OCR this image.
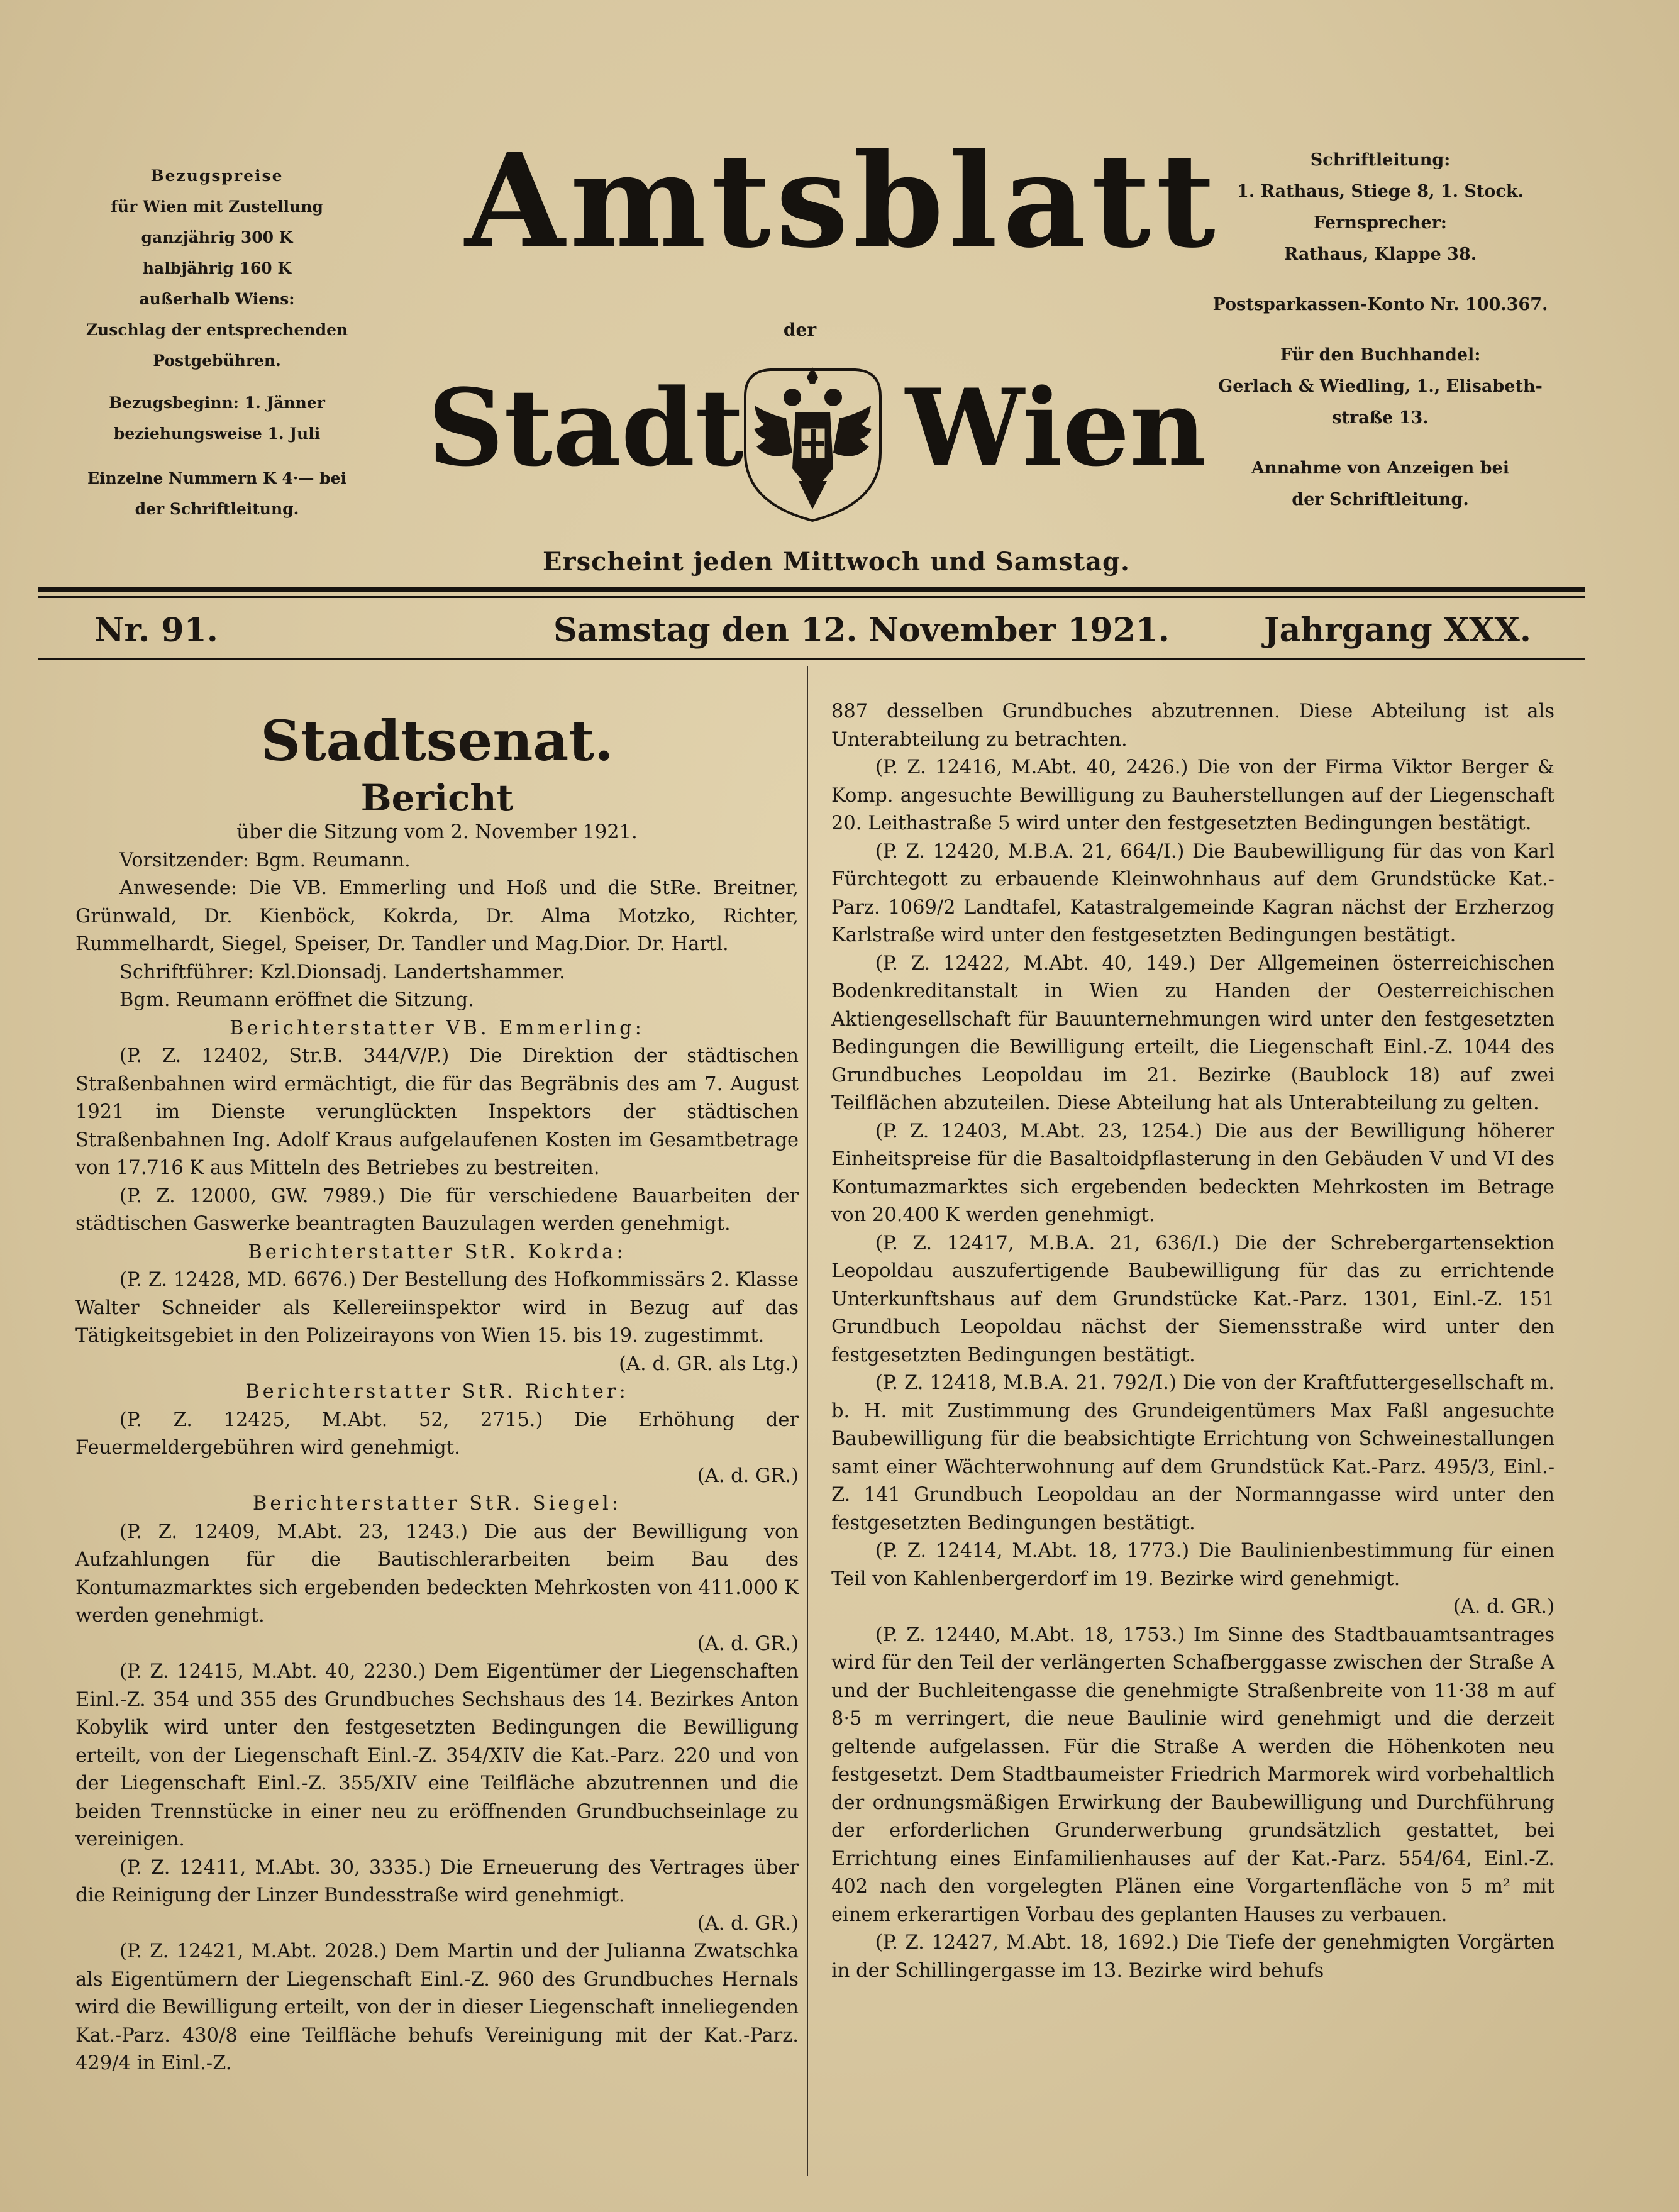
Bezugspreise
für Wien mit Zustellung
ganzjährig 300 K
halbjährig 160 K
außerhalb Wiens:
Zuschlag der entsprechenden
Postgebühren.
Bezugsbeginn: 1. Jänner
beziehungsweise 1. Juli
Einzelne Nummern K 4·— bei
der Schriftleitung.
Amtsblatt
der
Stadt Wien
Erscheint jeden Mittwoch und Samstag.
Schriftleitung:
1. Rathaus, Stiege 8, 1. Stock.
Fernsprecher:
Rathaus, Klappe 38.
Postsparkassen-Konto Nr. 100.367.
Für den Buchhandel:
Gerlach & Wiedling, 1., Elisabeth-
straße 13.
Annahme von Anzeigen bei
der Schriftleitung.
Nr. 91.	Samstag den 12. November 1921.	Jahrgang XXX.
Stadtsenat.
Bericht

über die Sitzung vom 2. November 1921.

Vorsitzender: Bgm. Reumann.

Anwesende: Die VB. Emmerling und Hoß und die StRe. Breitner, Grünwald, Dr. Kienböck, Kokrda, Dr. Alma Motzko, Richter, Rummelhardt, Siegel, Speiser, Dr. Tandler und Mag.Dior. Dr. Hartl.

Schriftführer: Kzl.Dionsadj. Landertshammer.

Bgm. Reumann eröffnet die Sitzung.

Berichterstatter VB. Emmerling:

(P. Z. 12402, Str.B. 344/V/P.) Die Direktion der städtischen Straßenbahnen wird ermächtigt, die für das Begräbnis des am 7. August 1921 im Dienste verunglückten Inspektors der städtischen Straßenbahnen Ing. Adolf Kraus aufgelaufenen Kosten im Gesamtbetrage von 17.716 K aus Mitteln des Betriebes zu bestreiten.

(P. Z. 12000, GW. 7989.) Die für verschiedene Bauarbeiten der städtischen Gaswerke beantragten Bauzulagen werden genehmigt.

Berichterstatter StR. Kokrda:

(P. Z. 12428, MD. 6676.) Der Bestellung des Hofkommissärs 2. Klasse Walter Schneider als Kellereiinspektor wird in Bezug auf das Tätigkeitsgebiet in den Polizeirayons von Wien 15. bis 19. zugestimmt.

(A. d. GR. als Ltg.)

Berichterstatter StR. Richter:

(P. Z. 12425, M.Abt. 52, 2715.) Die Erhöhung der Feuermeldergebühren wird genehmigt.

(A. d. GR.)

Berichterstatter StR. Siegel:

(P. Z. 12409, M.Abt. 23, 1243.) Die aus der Bewilligung von Aufzahlungen für die Bautischlerarbeiten beim Bau des Kontumazmarktes sich ergebenden bedeckten Mehrkosten von 411.000 K werden genehmigt.

(A. d. GR.)

(P. Z. 12415, M.Abt. 40, 2230.) Dem Eigentümer der Liegenschaften Einl.-Z. 354 und 355 des Grundbuches Sechshaus des 14. Bezirkes Anton Kobylik wird unter den festgesetzten Bedingungen die Bewilligung erteilt, von der Liegenschaft Einl.-Z. 354/XIV die Kat.-Parz. 220 und von der Liegenschaft Einl.-Z. 355/XIV eine Teilfläche abzutrennen und die beiden Trennstücke in einer neu zu eröffnenden Grundbuchseinlage zu vereinigen.

(P. Z. 12411, M.Abt. 30, 3335.) Die Erneuerung des Vertrages über die Reinigung der Linzer Bundesstraße wird genehmigt.

(A. d. GR.)

(P. Z. 12421, M.Abt. 2028.) Dem Martin und der Julianna Zwatschka als Eigentümern der Liegenschaft Einl.-Z. 960 des Grundbuches Hernals wird die Bewilligung erteilt, von der in dieser Liegenschaft inneliegenden Kat.-Parz. 430/8 eine Teilfläche behufs Vereinigung mit der Kat.-Parz. 429/4 in Einl.-Z.

887 desselben Grundbuches abzutrennen. Diese Abteilung ist als Unterabteilung zu betrachten.

(P. Z. 12416, M.Abt. 40, 2426.) Die von der Firma Viktor Berger & Komp. angesuchte Bewilligung zu Bauherstellungen auf der Liegenschaft 20. Leithastraße 5 wird unter den festgesetzten Bedingungen bestätigt.

(P. Z. 12420, M.B.A. 21, 664/I.) Die Baubewilligung für das von Karl Fürchtegott zu erbauende Kleinwohnhaus auf dem Grundstücke Kat.-Parz. 1069/2 Landtafel, Katastralgemeinde Kagran nächst der Erzherzog Karlstraße wird unter den festgesetzten Bedingungen bestätigt.

(P. Z. 12422, M.Abt. 40, 149.) Der Allgemeinen österreichischen Bodenkreditanstalt in Wien zu Handen der Oesterreichischen Aktiengesellschaft für Bauunternehmungen wird unter den festgesetzten Bedingungen die Bewilligung erteilt, die Liegenschaft Einl.-Z. 1044 des Grundbuches Leopoldau im 21. Bezirke (Baublock 18) auf zwei Teilflächen abzuteilen. Diese Abteilung hat als Unterabteilung zu gelten.

(P. Z. 12403, M.Abt. 23, 1254.) Die aus der Bewilligung höherer Einheitspreise für die Basaltoidpflasterung in den Gebäuden V und VI des Kontumazmarktes sich ergebenden bedeckten Mehrkosten im Betrage von 20.400 K werden genehmigt.

(P. Z. 12417, M.B.A. 21, 636/I.) Die der Schrebergartensektion Leopoldau auszufertigende Baubewilligung für das zu errichtende Unterkunftshaus auf dem Grundstücke Kat.-Parz. 1301, Einl.-Z. 151 Grundbuch Leopoldau nächst der Siemensstraße wird unter den festgesetzten Bedingungen bestätigt.

(P. Z. 12418, M.B.A. 21. 792/I.) Die von der Kraftfuttergesellschaft m. b. H. mit Zustimmung des Grundeigentümers Max Faßl angesuchte Baubewilligung für die beabsichtigte Errichtung von Schweinestallungen samt einer Wächterwohnung auf dem Grundstück Kat.-Parz. 495/3, Einl.-Z. 141 Grundbuch Leopoldau an der Normanngasse wird unter den festgesetzten Bedingungen bestätigt.

(P. Z. 12414, M.Abt. 18, 1773.) Die Baulinienbestimmung für einen Teil von Kahlenbergerdorf im 19. Bezirke wird genehmigt.

(A. d. GR.)

(P. Z. 12440, M.Abt. 18, 1753.) Im Sinne des Stadtbauamtsantrages wird für den Teil der verlängerten Schafberggasse zwischen der Straße A und der Buchleitengasse die genehmigte Straßenbreite von 11·38 m auf 8·5 m verringert, die neue Baulinie wird genehmigt und die derzeit geltende aufgelassen. Für die Straße A werden die Höhenkoten neu festgesetzt. Dem Stadtbaumeister Friedrich Marmorek wird vorbehaltlich der ordnungsmäßigen Erwirkung der Baubewilligung und Durchführung der erforderlichen Grunderwerbung grundsätzlich gestattet, bei Errichtung eines Einfamilienhauses auf der Kat.-Parz. 554/64, Einl.-Z. 402 nach den vorgelegten Plänen eine Vorgartenfläche von 5 m² mit einem erkerartigen Vorbau des geplanten Hauses zu verbauen.

(P. Z. 12427, M.Abt. 18, 1692.) Die Tiefe der genehmigten Vorgärten in der Schillingergasse im 13. Bezirke wird behufs
